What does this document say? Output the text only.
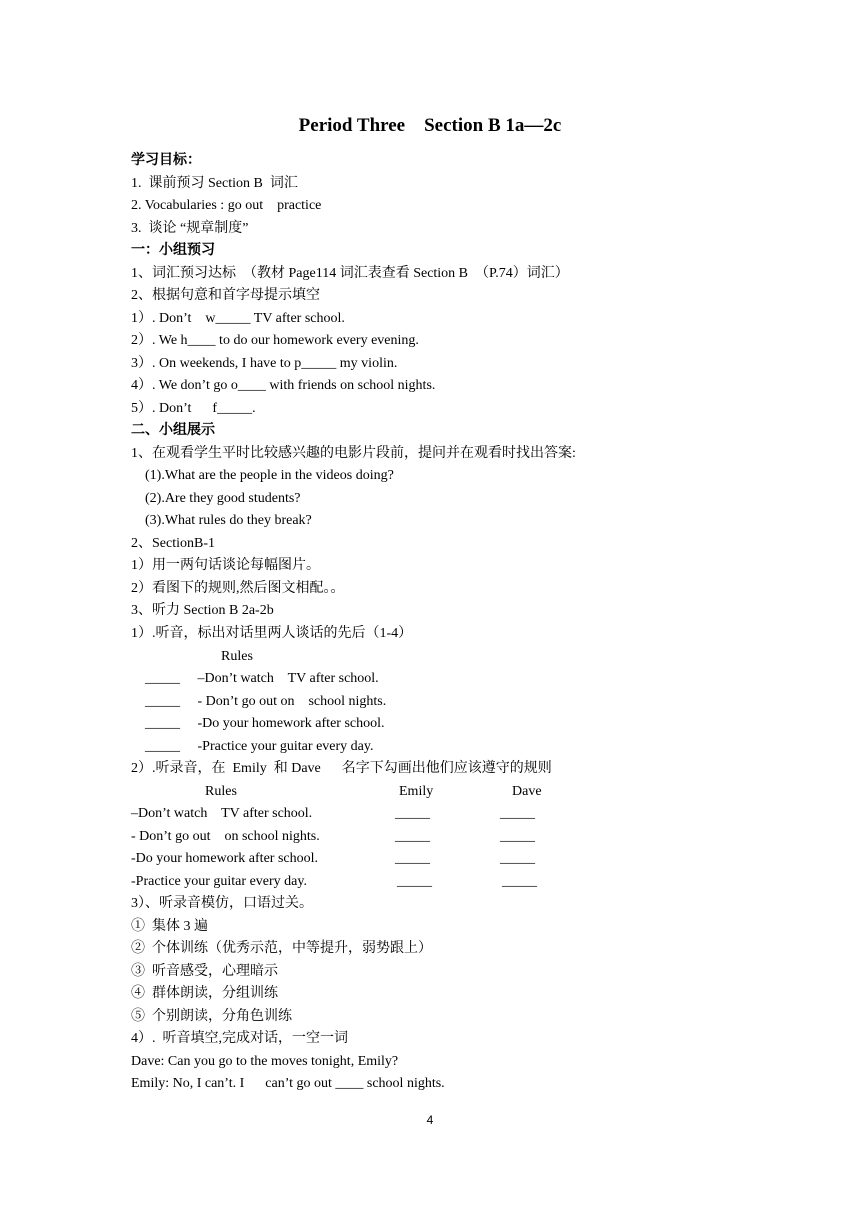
Period Three    Section B 1a—2c
学习目标：
1.  课前预习 Section B  词汇
2. Vocabularies : go out    practice
3.  谈论 “规章制度”
一：小组预习
1、词汇预习达标  （教材 Page114 词汇表查看 Section B  （P.74）词汇）
2、根据句意和首字母提示填空
1）. Don’t    w_____ TV after school.
2）. We h____ to do our homework every evening.
3）. On weekends, I have to p_____ my violin.
4）. We don’t go o____ with friends on school nights.
5）. Don’t      f_____.
二、小组展示
1、在观看学生平时比较感兴趣的电影片段前，提问并在观看时找出答案:
(1).What are the people in the videos doing?
(2).Are they good students?
(3).What rules do they break?
2、SectionB-1
1）用一两句话谈论每幅图片。
2）看图下的规则,然后图文相配。。
3、听力 Section B 2a-2b
1）.听音，标出对话里两人谈话的先后（1-4）
Rules
_____     –Don’t watch    TV after school.
_____     - Don’t go out on    school nights.
_____     -Do your homework after school.
_____     -Practice your guitar every day.
2）.听录音，在  Emily  和 Dave      名字下勾画出他们应该遵守的规则
Rules	Emily	Dave
–Don’t watch    TV after school.	_____	_____
- Don’t go out    on school nights.	_____	_____
-Do your homework after school.	_____	_____
-Practice your guitar every day.	_____	_____
3）、听录音模仿，口语过关。
①  集体 3 遍
②  个体训练（优秀示范，中等提升，弱势跟上）
③  听音感受，心理暗示
④  群体朗读，分组训练
⑤  个别朗读，分角色训练
4）.  听音填空,完成对话，一空一词
Dave: Can you go to the moves tonight, Emily?
Emily: No, I can’t. I      can’t go out ____ school nights.
4
